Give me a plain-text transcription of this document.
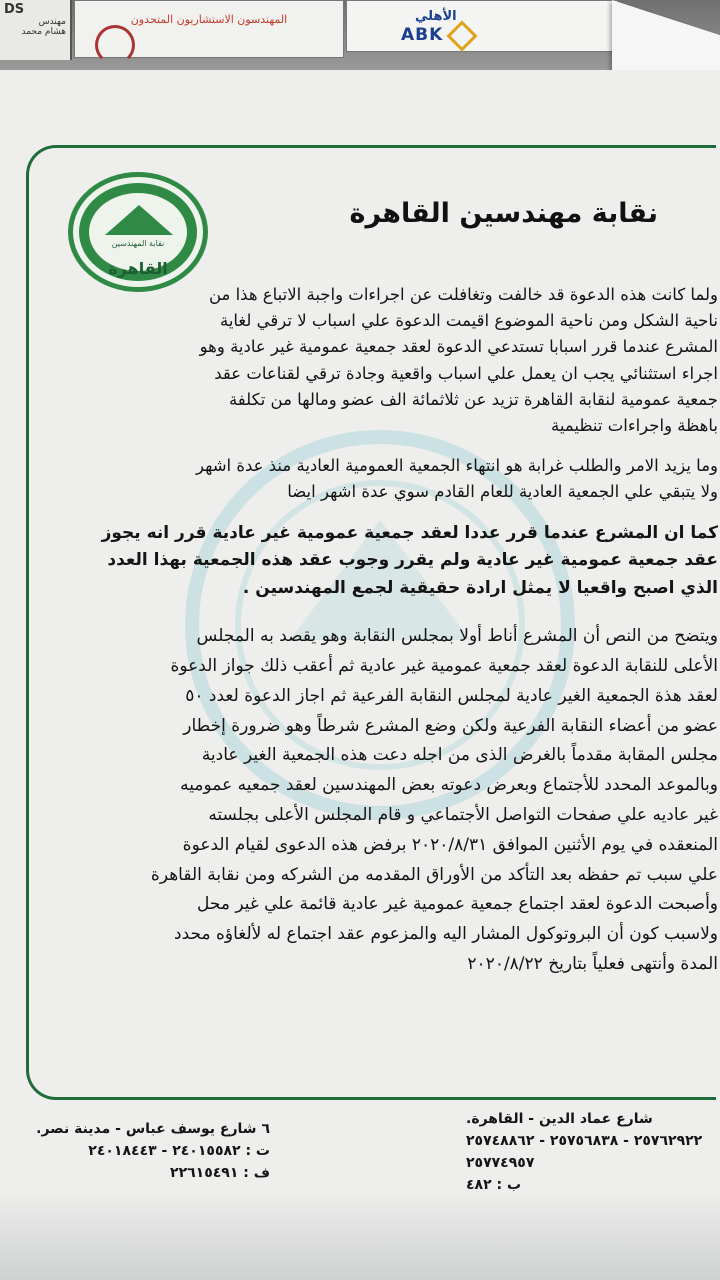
DS
مهندس
هشام محمد
المهندسون الاستشاريون المتحدون	الأهلي
ABK
نقابة المهندسين
القاهرة
نقابة مهندسين القاهرة

ولما كانت هذه الدعوة قد خالفت وتغافلت عن اجراءات واجبة الاتباع هذا من
ناحية الشكل ومن ناحية الموضوع اقيمت الدعوة علي اسباب لا ترقي لغاية
المشرع عندما قرر اسبابا تستدعي الدعوة لعقد جمعية عمومية غير عادية وهو
اجراء استثنائي يجب ان يعمل علي اسباب واقعية وجادة ترقي لقناعات عقد
جمعية عمومية لنقابة القاهرة تزيد عن ثلاثمائة الف عضو ومالها من تكلفة
باهظة واجراءات تنظيمية

وما يزيد الامر والطلب غرابة هو انتهاء الجمعية العمومية العادية منذ عدة اشهر
ولا يتبقي علي الجمعية العادية للعام القادم سوي عدة اشهر ايضا

كما ان المشرع عندما قرر عددا لعقد جمعية عمومية غير عادية قرر انه يجوز
عقد جمعية عمومية غير عادية ولم يقرر وجوب عقد هذه الجمعية بهذا العدد
الذي اصبح واقعيا لا يمثل ارادة حقيقية لجمع المهندسين .

ويتضح من النص أن المشرع أناط أولا بمجلس النقابة وهو يقصد به المجلس
الأعلى للنقابة الدعوة لعقد جمعية عمومية غير عادية ثم أعقب ذلك جواز الدعوة
لعقد هذة الجمعية الغير عادية لمجلس النقابة الفرعية ثم اجاز الدعوة لعدد ٥٠
عضو من أعضاء النقابة الفرعية ولكن وضع المشرع شرطاً وهو ضرورة إخطار
مجلس المقابة مقدماً بالغرض الذى من اجله دعت هذه الجمعية الغير عادية
وبالموعد المحدد للأجتماع وبعرض دعوته بعض المهندسين لعقد جمعيه عموميه
غير عاديه علي صفحات التواصل الأجتماعي و قام المجلس الأعلى بجلسته
المنعقده في يوم الأثنين الموافق ٢٠٢٠/٨/٣١ برفض هذه الدعوى لقيام الدعوة
علي سبب تم حفظه بعد التأكد من الأوراق المقدمه من الشركه ومن نقابة القاهرة
وأصبحت الدعوة لعقد اجتماع جمعية عمومية غير عادية قائمة علي غير محل
ولاسبب كون أن البروتوكول المشار اليه والمزعوم عقد اجتماع له لألغاؤه محدد
المدة وأنتهى فعلياً بتاريخ ٢٠٢٠/٨/٢٢

٦ شارع يوسف عباس - مدينة نصر.
ت : ٢٤٠١٥٥٨٢ - ٢٤٠١٨٤٤٣
ف : ٢٢٦١٥٤٩١
شارع عماد الدين - القاهرة.
٢٥٧٦٢٩٢٢ - ٢٥٧٥٦٨٣٨ - ٢٥٧٤٨٨٦٢
٢٥٧٧٤٩٥٧
ب : ٤٨٢
